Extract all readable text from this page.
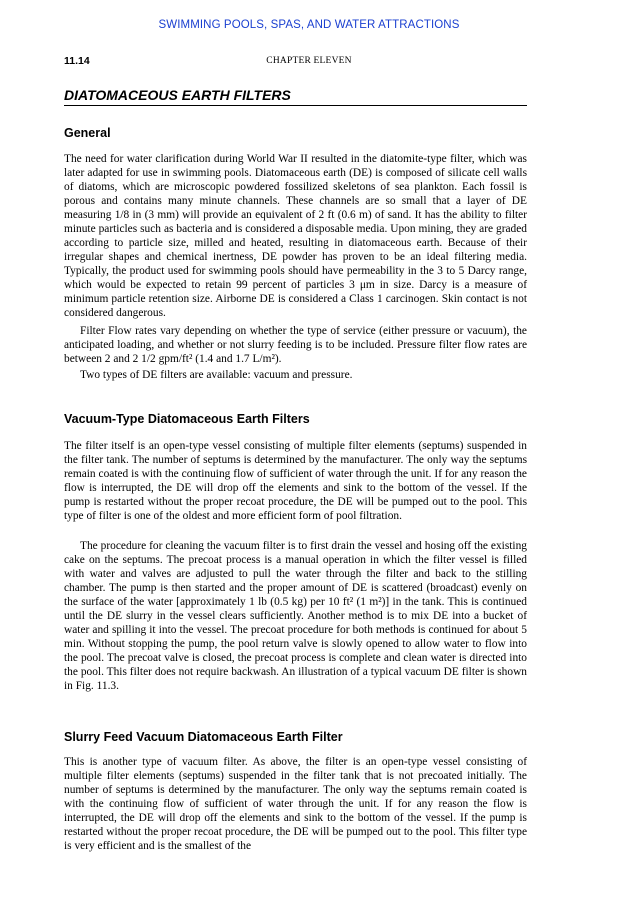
SWIMMING POOLS, SPAS, AND WATER ATTRACTIONS
11.14	CHAPTER ELEVEN
DIATOMACEOUS EARTH FILTERS
General

The need for water clarification during World War II resulted in the diatomite-type filter, which was later adapted for use in swimming pools. Diatomaceous earth (DE) is composed of silicate cell walls of diatoms, which are microscopic powdered fossilized skeletons of sea plankton. Each fossil is porous and contains many minute channels. These channels are so small that a layer of DE measuring 1/8 in (3 mm) will provide an equivalent of 2 ft (0.6 m) of sand. It has the ability to filter minute particles such as bacteria and is considered a disposable media. Upon mining, they are graded according to particle size, milled and heated, resulting in diatomaceous earth. Because of their irregular shapes and chemical inertness, DE powder has proven to be an ideal filtering media. Typically, the product used for swimming pools should have permeability in the 3 to 5 Darcy range, which would be expected to retain 99 percent of particles 3 μm in size. Darcy is a measure of minimum particle retention size. Airborne DE is considered a Class 1 carcinogen. Skin contact is not considered dangerous.

Filter Flow rates vary depending on whether the type of service (either pressure or vacuum), the anticipated loading, and whether or not slurry feeding is to be included. Pressure filter flow rates are between 2 and 2 1/2 gpm/ft² (1.4 and 1.7 L/m²).

Two types of DE filters are available: vacuum and pressure.

Vacuum-Type Diatomaceous Earth Filters

The filter itself is an open-type vessel consisting of multiple filter elements (septums) suspended in the filter tank. The number of septums is determined by the manufacturer. The only way the septums remain coated is with the continuing flow of sufficient of water through the unit. If for any reason the flow is interrupted, the DE will drop off the elements and sink to the bottom of the vessel. If the pump is restarted without the proper recoat procedure, the DE will be pumped out to the pool. This type of filter is one of the oldest and more efficient form of pool filtration.

The procedure for cleaning the vacuum filter is to first drain the vessel and hosing off the existing cake on the septums. The precoat process is a manual operation in which the filter vessel is filled with water and valves are adjusted to pull the water through the filter and back to the stilling chamber. The pump is then started and the proper amount of DE is scattered (broadcast) evenly on the surface of the water [approximately 1 lb (0.5 kg) per 10 ft² (1 m²)] in the tank. This is continued until the DE slurry in the vessel clears sufficiently. Another method is to mix DE into a bucket of water and spilling it into the vessel. The precoat procedure for both methods is continued for about 5 min. Without stopping the pump, the pool return valve is slowly opened to allow water to flow into the pool. The precoat valve is closed, the precoat process is complete and clean water is directed into the pool. This filter does not require backwash. An illustration of a typical vacuum DE filter is shown in Fig. 11.3.

Slurry Feed Vacuum Diatomaceous Earth Filter

This is another type of vacuum filter. As above, the filter is an open-type vessel consisting of multiple filter elements (septums) suspended in the filter tank that is not precoated initially. The number of septums is determined by the manufacturer. The only way the septums remain coated is with the continuing flow of sufficient of water through the unit. If for any reason the flow is interrupted, the DE will drop off the elements and sink to the bottom of the vessel. If the pump is restarted without the proper recoat procedure, the DE will be pumped out to the pool. This filter type is very efficient and is the smallest of the
